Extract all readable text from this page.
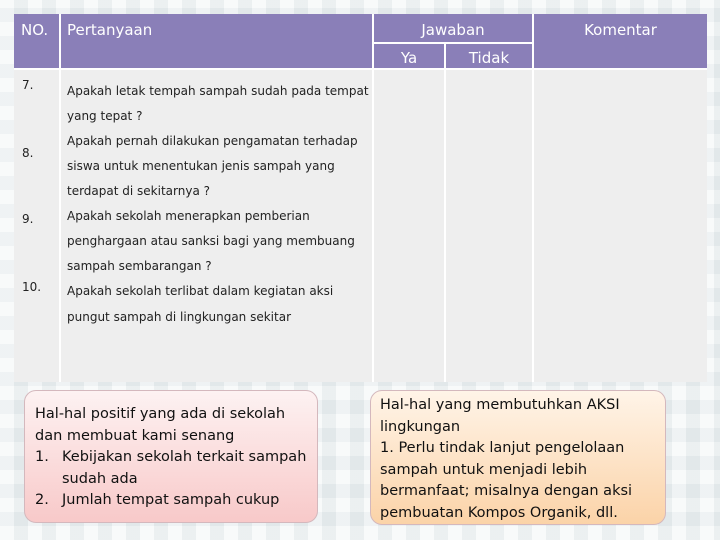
NO. Pertanyaan	Jawaban
Ya	Tidak
Komentar
7.
8.
9.
10.
Apakah letak tempah sampah sudah pada tempat
yang tepat ?
Apakah pernah dilakukan pengamatan terhadap
siswa untuk menentukan jenis sampah yang
terdapat di sekitarnya ?
Apakah sekolah menerapkan pemberian
penghargaan atau sanksi bagi yang membuang
sampah sembarangan ?
Apakah sekolah terlibat dalam kegiatan aksi
pungut sampah di lingkungan sekitar
Hal-hal positif yang ada di sekolah
dan membuat kami senang
1. Kebijakan sekolah terkait sampah
sudah ada
2. Jumlah tempat sampah cukup
Hal-hal yang membutuhkan AKSI
lingkungan
1. Perlu tindak lanjut pengelolaan
sampah untuk menjadi lebih
bermanfaat; misalnya dengan aksi
pembuatan Kompos Organik, dll.
